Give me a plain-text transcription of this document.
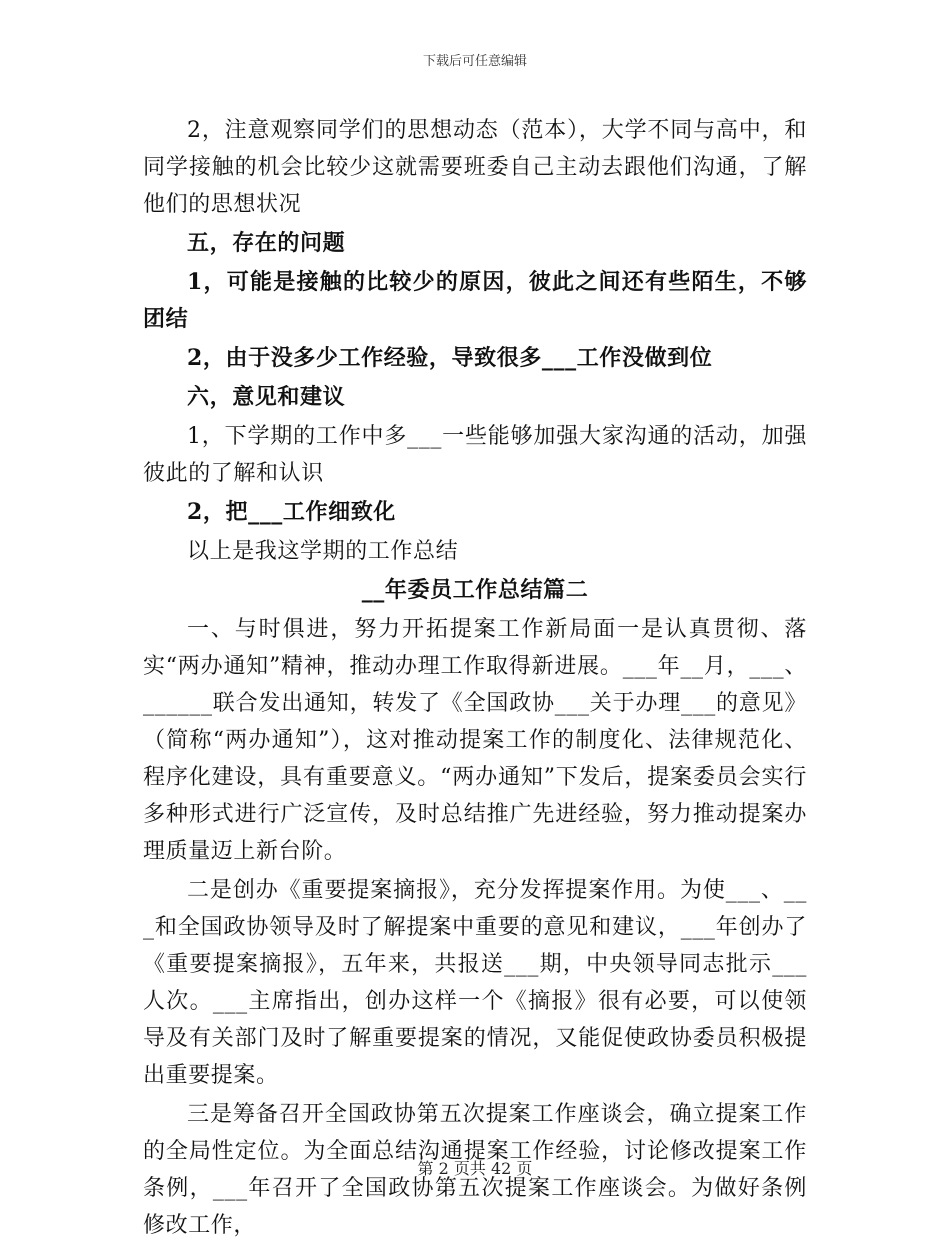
下载后可任意编辑

2，注意观察同学们的思想动态（范本），大学不同与高中，和同学接触的机会比较少这就需要班委自己主动去跟他们沟通，了解他们的思想状况

五，存在的问题

1，可能是接触的比较少的原因，彼此之间还有些陌生，不够团结

2，由于没多少工作经验，导致很多___工作没做到位

六，意见和建议

1，下学期的工作中多___一些能够加强大家沟通的活动，加强彼此的了解和认识

2，把___工作细致化

以上是我这学期的工作总结

__年委员工作总结篇二

一、与时俱进，努力开拓提案工作新局面一是认真贯彻、落实“两办通知”精神，推动办理工作取得新进展。___年__月，___、______联合发出通知，转发了《全国政协___关于办理___的意见》（简称“两办通知”），这对推动提案工作的制度化、法律规范化、程序化建设，具有重要意义。“两办通知”下发后，提案委员会实行多种形式进行广泛宣传，及时总结推广先进经验，努力推动提案办理质量迈上新台阶。

二是创办《重要提案摘报》，充分发挥提案作用。为使___、___和全国政协领导及时了解提案中重要的意见和建议，___年创办了《重要提案摘报》，五年来，共报送___期，中央领导同志批示___人次。___主席指出，创办这样一个《摘报》很有必要，可以使领导及有关部门及时了解重要提案的情况，又能促使政协委员积极提出重要提案。

三是筹备召开全国政协第五次提案工作座谈会，确立提案工作的全局性定位。为全面总结沟通提案工作经验，讨论修改提案工作条例，___年召开了全国政协第五次提案工作座谈会。为做好条例修改工作，

第 2 页共 42 页
